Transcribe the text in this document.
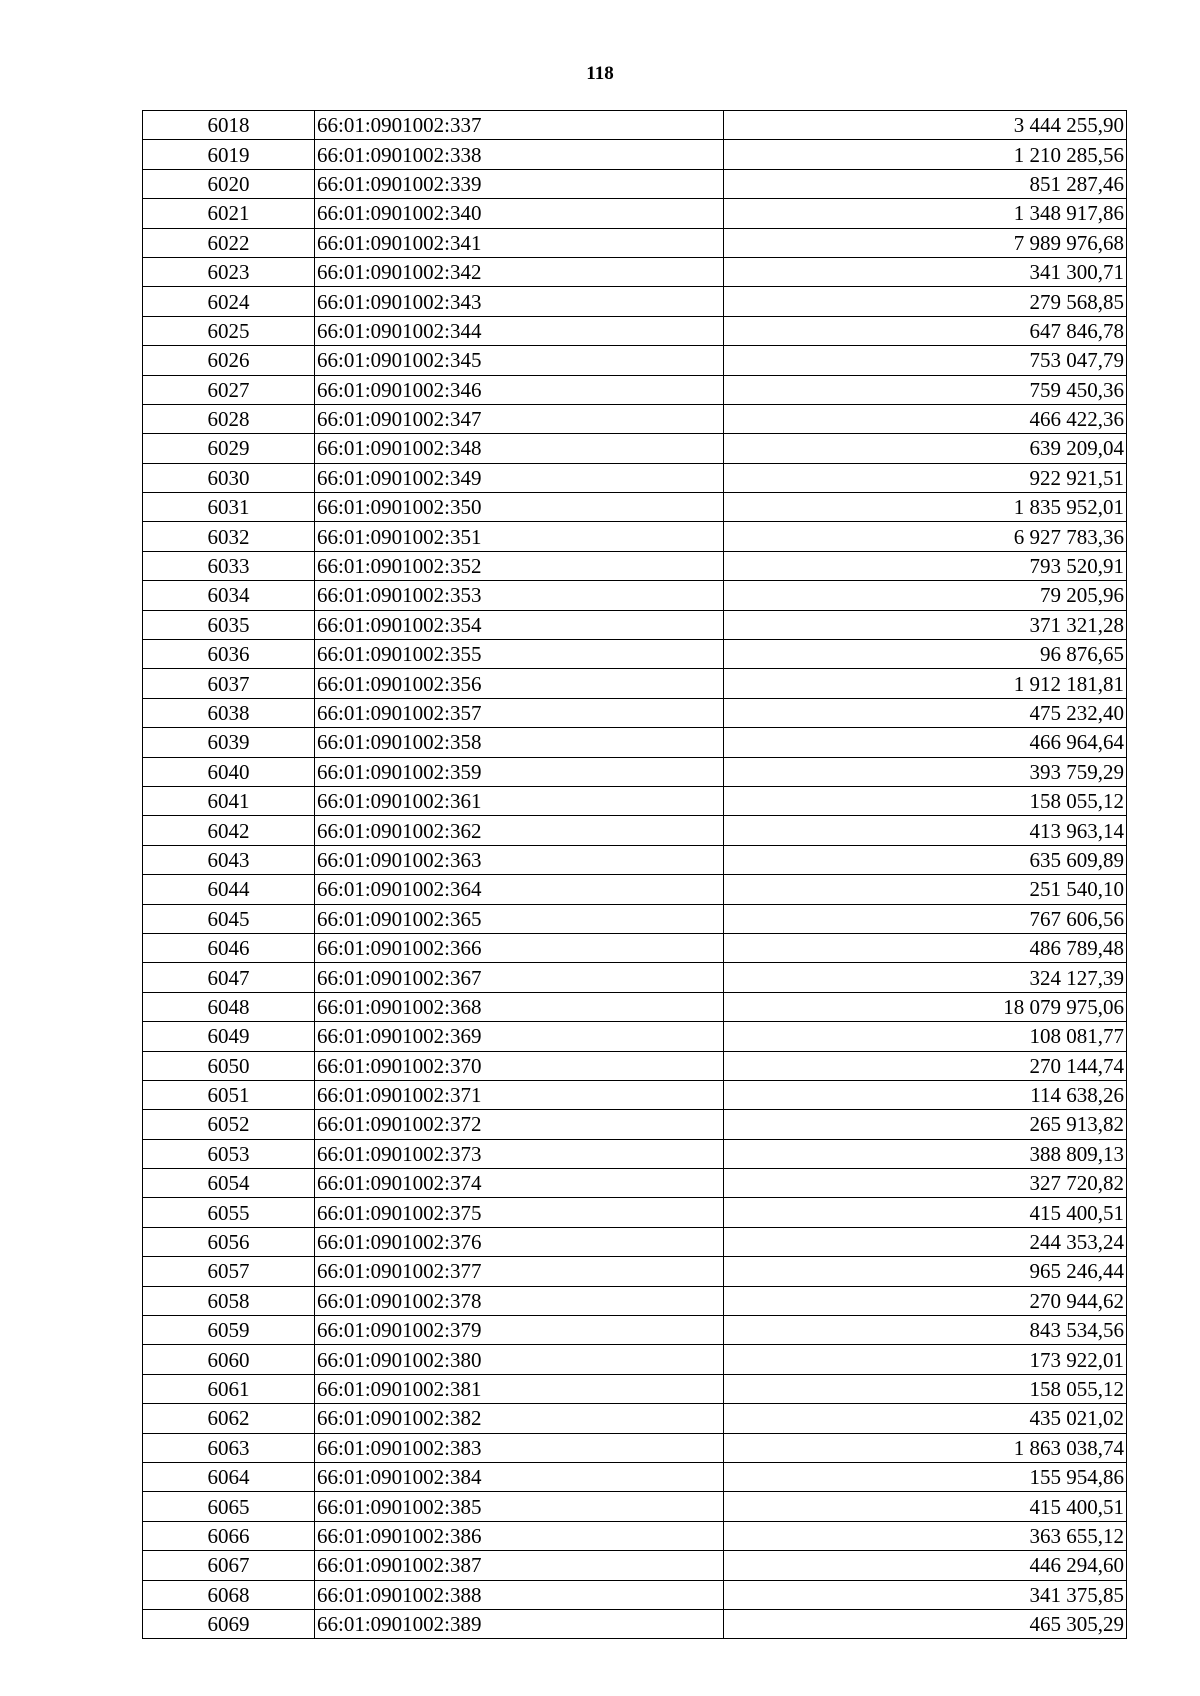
118
6018	66:01:0901002:337	3 444 255,90
6019	66:01:0901002:338	1 210 285,56
6020	66:01:0901002:339	851 287,46
6021	66:01:0901002:340	1 348 917,86
6022	66:01:0901002:341	7 989 976,68
6023	66:01:0901002:342	341 300,71
6024	66:01:0901002:343	279 568,85
6025	66:01:0901002:344	647 846,78
6026	66:01:0901002:345	753 047,79
6027	66:01:0901002:346	759 450,36
6028	66:01:0901002:347	466 422,36
6029	66:01:0901002:348	639 209,04
6030	66:01:0901002:349	922 921,51
6031	66:01:0901002:350	1 835 952,01
6032	66:01:0901002:351	6 927 783,36
6033	66:01:0901002:352	793 520,91
6034	66:01:0901002:353	79 205,96
6035	66:01:0901002:354	371 321,28
6036	66:01:0901002:355	96 876,65
6037	66:01:0901002:356	1 912 181,81
6038	66:01:0901002:357	475 232,40
6039	66:01:0901002:358	466 964,64
6040	66:01:0901002:359	393 759,29
6041	66:01:0901002:361	158 055,12
6042	66:01:0901002:362	413 963,14
6043	66:01:0901002:363	635 609,89
6044	66:01:0901002:364	251 540,10
6045	66:01:0901002:365	767 606,56
6046	66:01:0901002:366	486 789,48
6047	66:01:0901002:367	324 127,39
6048	66:01:0901002:368	18 079 975,06
6049	66:01:0901002:369	108 081,77
6050	66:01:0901002:370	270 144,74
6051	66:01:0901002:371	114 638,26
6052	66:01:0901002:372	265 913,82
6053	66:01:0901002:373	388 809,13
6054	66:01:0901002:374	327 720,82
6055	66:01:0901002:375	415 400,51
6056	66:01:0901002:376	244 353,24
6057	66:01:0901002:377	965 246,44
6058	66:01:0901002:378	270 944,62
6059	66:01:0901002:379	843 534,56
6060	66:01:0901002:380	173 922,01
6061	66:01:0901002:381	158 055,12
6062	66:01:0901002:382	435 021,02
6063	66:01:0901002:383	1 863 038,74
6064	66:01:0901002:384	155 954,86
6065	66:01:0901002:385	415 400,51
6066	66:01:0901002:386	363 655,12
6067	66:01:0901002:387	446 294,60
6068	66:01:0901002:388	341 375,85
6069	66:01:0901002:389	465 305,29
